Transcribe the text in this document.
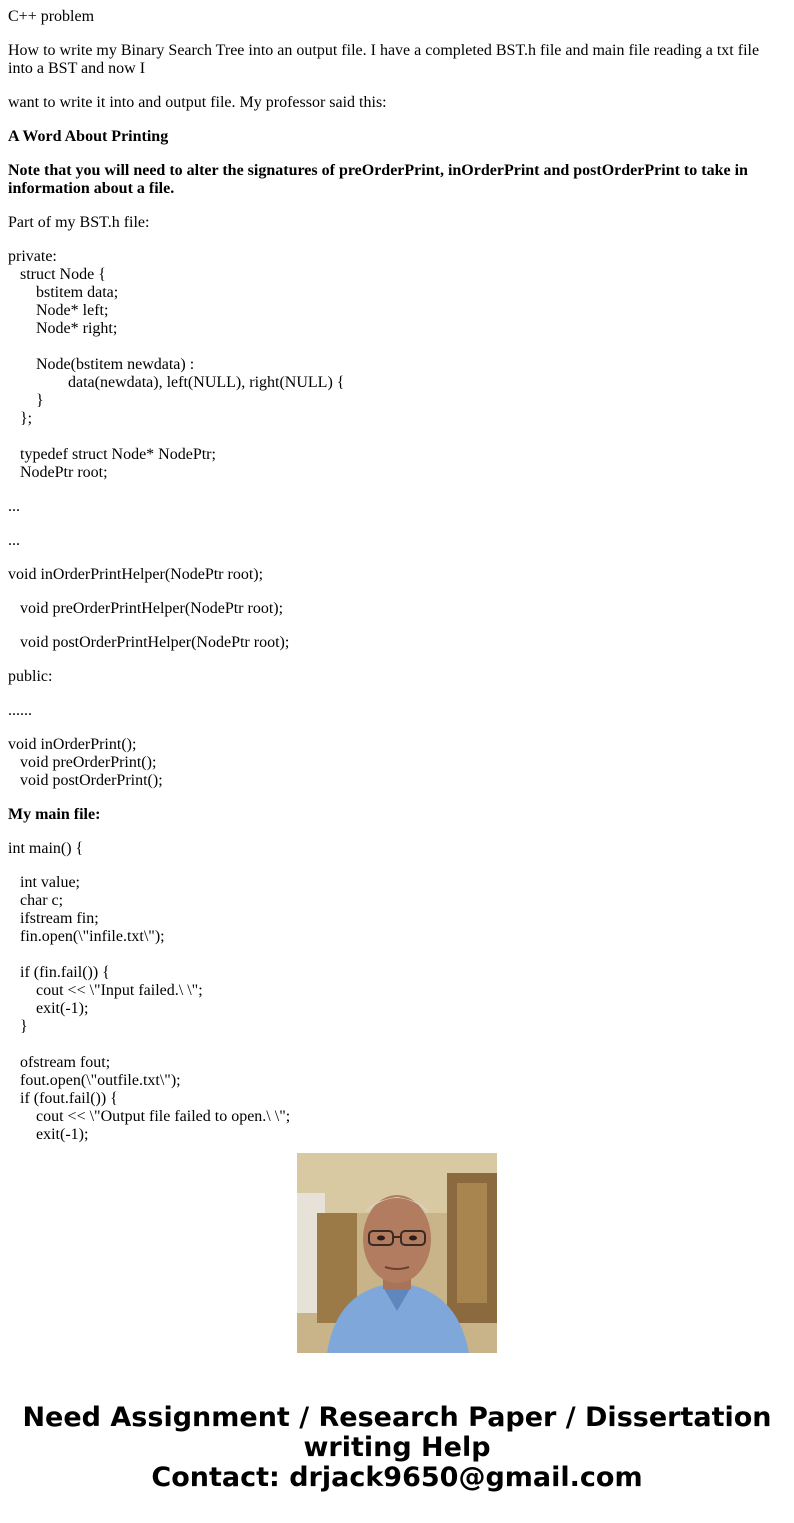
C++ problem

How to write my Binary Search Tree into an output file. I have a completed BST.h file and main file reading a txt file into a BST and now I

want to write it into and output file. My professor said this:

A Word About Printing

Note that you will need to alter the signatures of preOrderPrint, inOrderPrint and postOrderPrint to take in information about a file.

Part of my BST.h file:

private:
struct Node {
bstitem data;
Node* left;
Node* right;

Node(bstitem newdata) :
data(newdata), left(NULL), right(NULL) {
}
};

typedef struct Node* NodePtr;
NodePtr root;

...

...

void inOrderPrintHelper(NodePtr root);
void preOrderPrintHelper(NodePtr root);
void postOrderPrintHelper(NodePtr root);

public:

......

void inOrderPrint();
void preOrderPrint();
void postOrderPrint();

My main file:

int main() {

int value;
char c;
ifstream fin;
fin.open(\"infile.txt\");

if (fin.fail()) {
cout << \"Input failed.\ \";
exit(-1);
}

ofstream fout;
fout.open(\"outfile.txt\");
if (fout.fail()) {
cout << \"Output file failed to open.\ \";
exit(-1);
Need Assignment / Research Paper / Dissertation
writing Help
Contact: drjack9650@gmail.com
